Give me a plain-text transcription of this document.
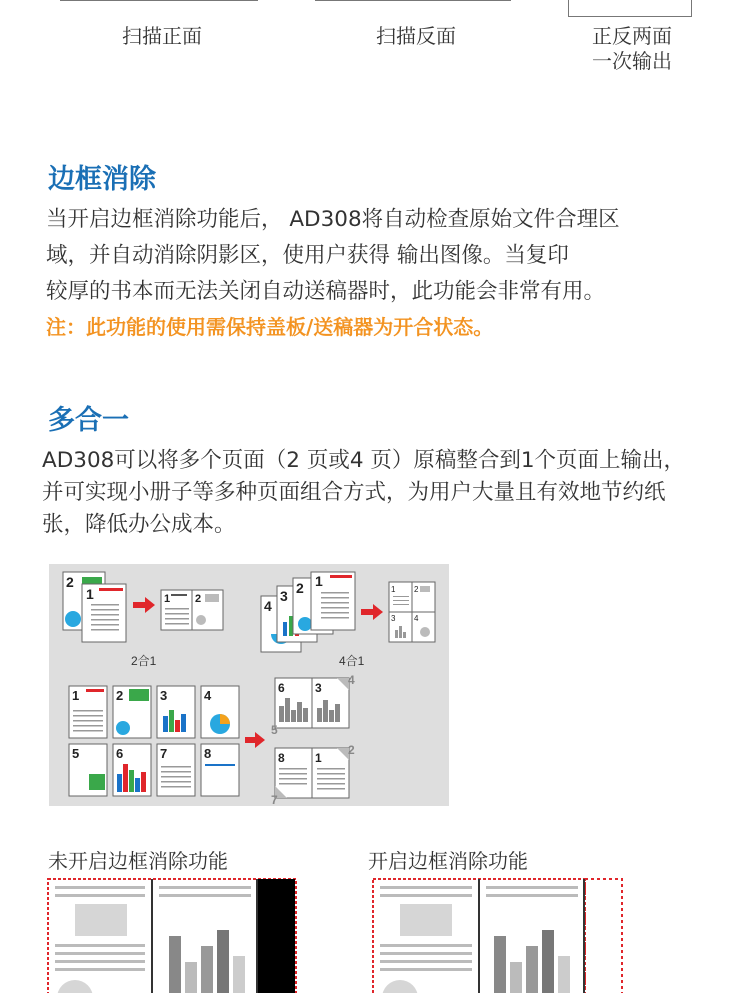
扫描正面	扫描反面	正反两面
一次输出
边框消除
当开启边框消除功能后， AD308将自动检查原始文件合理区
域，并自动消除阴影区，使用户获得 输出图像。当复印
较厚的书本而无法关闭自动送稿器时，此功能会非常有用。
注：此功能的使用需保持盖板/送稿器为开合状态。
多合一
AD308可以将多个页面（2 页或4 页）原稿整合到1个页面上输出，
并可实现小册子等多种页面组合方式，为用户大量且有效地节约纸
张，降低办公成本。
2
1	1 2
2合1
4
3 2 1
1 2
3 4
4合1
1	2	3	4
5	6	7	8
6	3
4
5
8	1
2
7
未开启边框消除功能	开启边框消除功能
